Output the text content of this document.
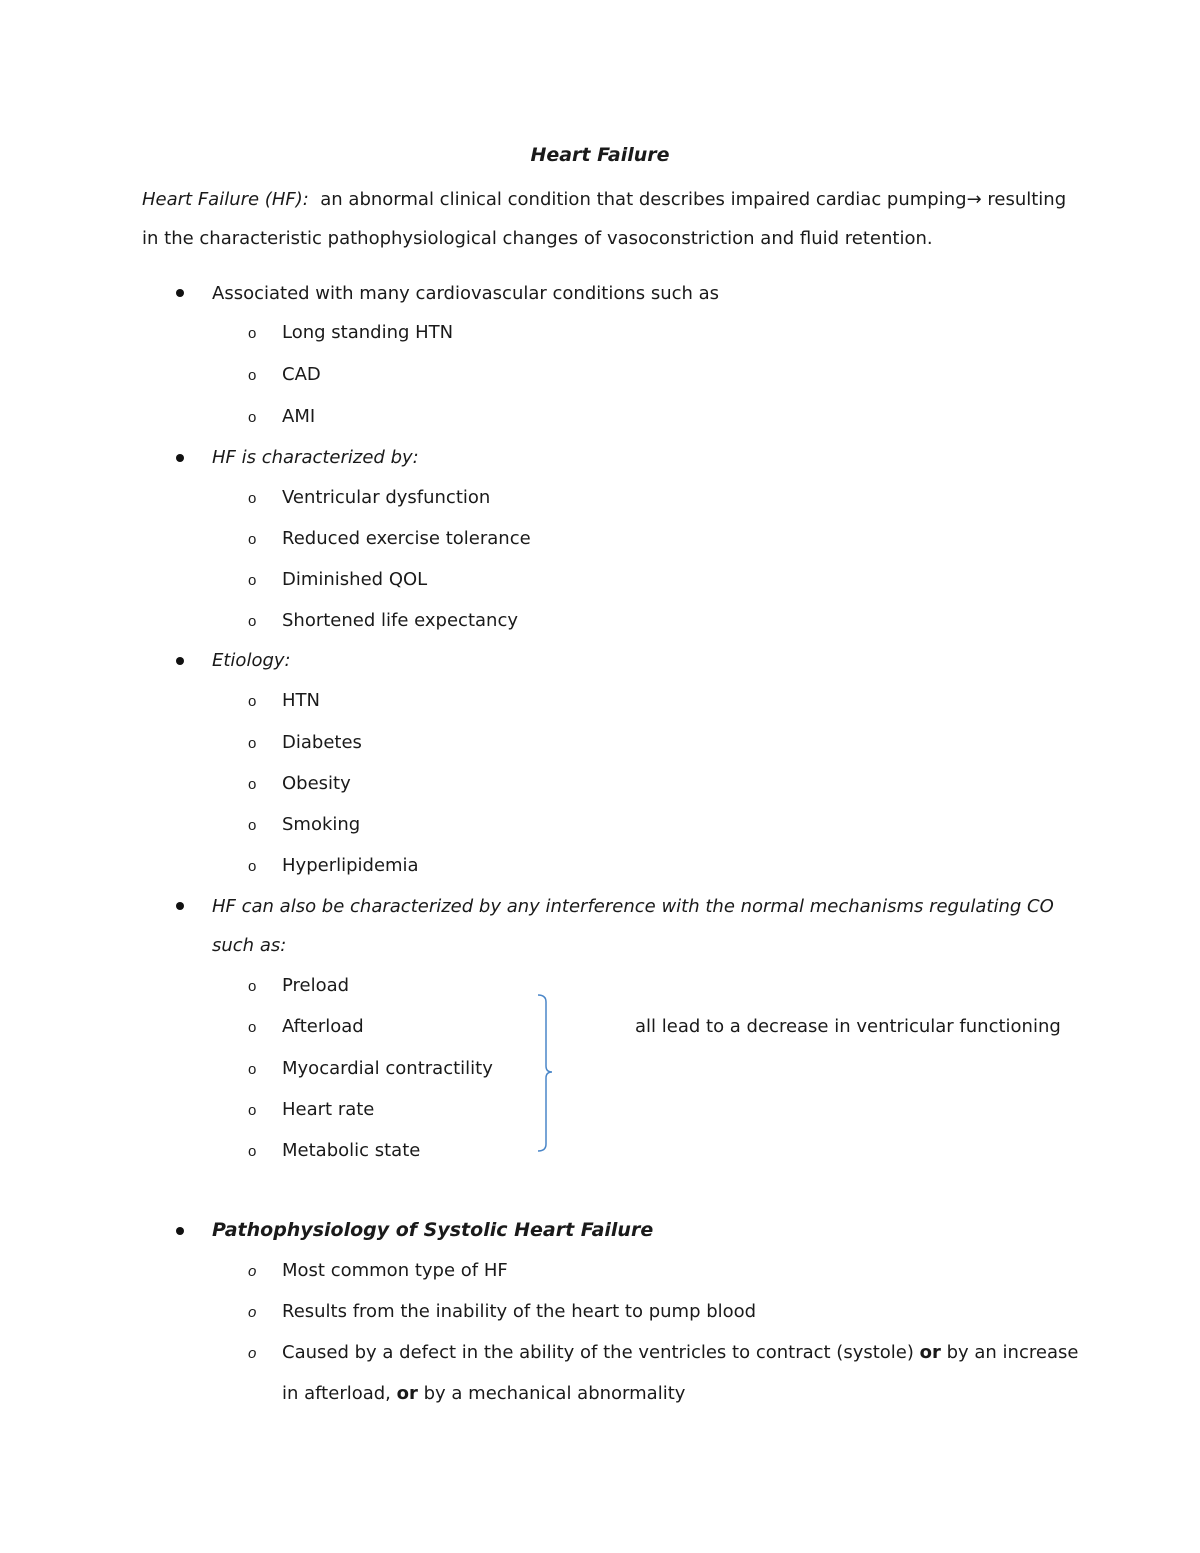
Heart Failure
Heart Failure (HF): an abnormal clinical condition that describes impaired cardiac pumping→ resulting
in the characteristic pathophysiological changes of vasoconstriction and fluid retention.
Associated with many cardiovascular conditions such as
o Long standing HTN
o CAD
o AMI
HF is characterized by:
o Ventricular dysfunction
o Reduced exercise tolerance
o Diminished QOL
o Shortened life expectancy
Etiology:
o HTN
o Diabetes
o Obesity
o Smoking
o Hyperlipidemia
HF can also be characterized by any interference with the normal mechanisms regulating CO
such as:
o Preload
o Afterload
o Myocardial contractility
o Heart rate
o Metabolic state
all lead to a decrease in ventricular functioning
Pathophysiology of Systolic Heart Failure
o Most common type of HF
o Results from the inability of the heart to pump blood
o Caused by a defect in the ability of the ventricles to contract (systole) or by an increase
in afterload, or by a mechanical abnormality
